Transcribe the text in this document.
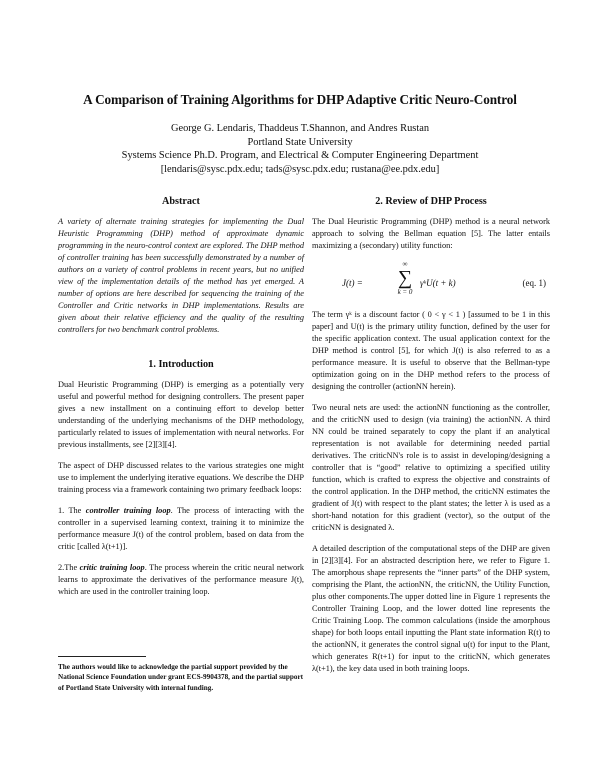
A Comparison of Training Algorithms for DHP Adaptive Critic Neuro-Control
George G. Lendaris, Thaddeus T.Shannon, and Andres Rustan
Portland State University
Systems Science Ph.D. Program, and Electrical & Computer Engineering Department
[lendaris@sysc.pdx.edu; tads@sysc.pdx.edu; rustana@ee.pdx.edu]
Abstract

A variety of alternate training strategies for implementing the Dual Heuristic Programming (DHP) method of approximate dynamic programming in the neuro-control context are explored. The DHP method of controller training has been successfully demonstrated by a number of authors on a variety of control problems in recent years, but no unified view of the implementation details of the method has yet emerged. A number of options are here described for sequencing the training of the Controller and Critic networks in DHP implementations. Results are given about their relative efficiency and the quality of the resulting controllers for two benchmark control problems.

1. Introduction

Dual Heuristic Programming (DHP) is emerging as a potentially very useful and powerful method for designing controllers. The present paper gives a new installment on a continuing effort to develop better understanding of the underlying mechanisms of the DHP methodology, particularly related to issues of implementation with neural networks. For previous installments, see [2][3][4].

The aspect of DHP discussed relates to the various strategies one might use to implement the underlying iterative equations. We describe the DHP training process via a framework containing two primary feedback loops:

1. The controller training loop. The process of interacting with the controller in a supervised learning context, training it to minimize the performance measure J(t) of the control problem, based on data from the critic [called λ(t+1)].

2.The critic training loop. The process wherein the critic neural network learns to approximate the derivatives of the performance measure J(t), which are used in the controller training loop.

The authors would like to acknowledge the partial support provided by the National Science Foundation under grant ECS-9904378, and the partial support of Portland State University with internal funding.
2. Review of DHP Process

The Dual Heuristic Programming (DHP) method is a neural network approach to solving the Bellman equation [5]. The latter entails maximizing a (secondary) utility function:

J(t) =
∞
∑
k = 0
γᵏU(t + k)	(eq. 1)

The term γᵏ is a discount factor ( 0 < γ < 1 ) [assumed to be 1 in this paper] and U(t) is the primary utility function, defined by the user for the specific application context. The usual application context for the DHP method is control [5], for which J(t) is also referred to as a performance measure. It is useful to observe that the Bellman-type optimization going on in the DHP method refers to the process of designing the controller (actionNN herein).

Two neural nets are used: the actionNN functioning as the controller, and the criticNN used to design (via training) the actionNN. A third NN could be trained separately to copy the plant if an analytical representation is not available for determining needed partial derivatives. The criticNN's role is to assist in developing/designing a controller that is “good” relative to optimizing a specified utility function, which is crafted to express the objective and constraints of the control application. In the DHP method, the criticNN estimates the gradient of J(t) with respect to the plant states; the letter λ is used as a short-hand notation for this gradient (vector), so the output of the criticNN is designated λ.

A detailed description of the computational steps of the DHP are given in [2][3][4]. For an abstracted description here, we refer to Figure 1. The amorphous shape represents the “inner parts” of the DHP system, comprising the Plant, the actionNN, the criticNN, the Utility Function, plus other components.The upper dotted line in Figure 1 represents the Controller Training Loop, and the lower dotted line represents the Critic Training Loop. The common calculations (inside the amorphous shape) for both loops entail inputting the Plant state information R(t) to the actionNN, it generates the control signal u(t) for input to the Plant, which generates R(t+1) for input to the criticNN, which generates λ(t+1), the key data used in both training loops.
